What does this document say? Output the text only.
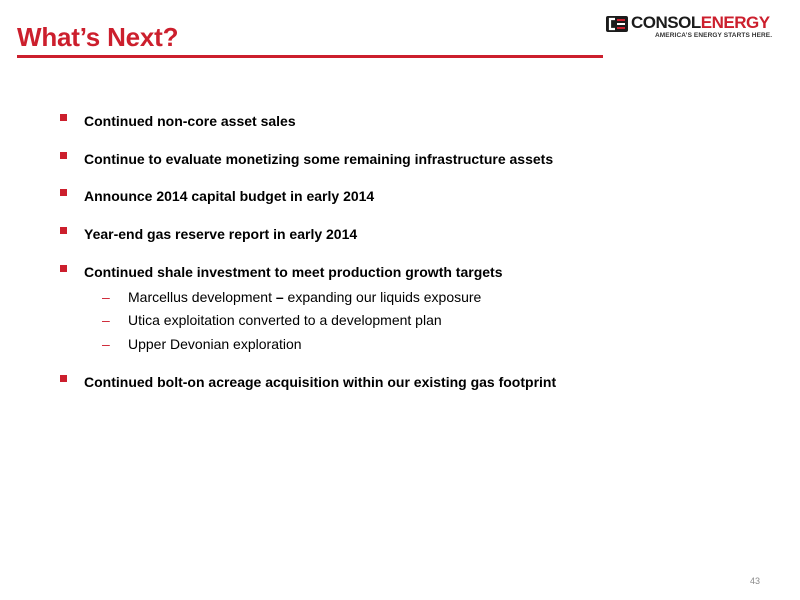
What’s Next?	CONSOLENERGY
AMERICA’S ENERGY STARTS HERE.
Continued non-core asset sales
Continue to evaluate monetizing some remaining infrastructure assets
Announce 2014 capital budget in early 2014
Year-end gas reserve report in early 2014
Continued shale investment to meet production growth targets
– Marcellus development – expanding our liquids exposure
– Utica exploitation converted to a development plan
– Upper Devonian exploration
Continued bolt-on acreage acquisition within our existing gas footprint
43
